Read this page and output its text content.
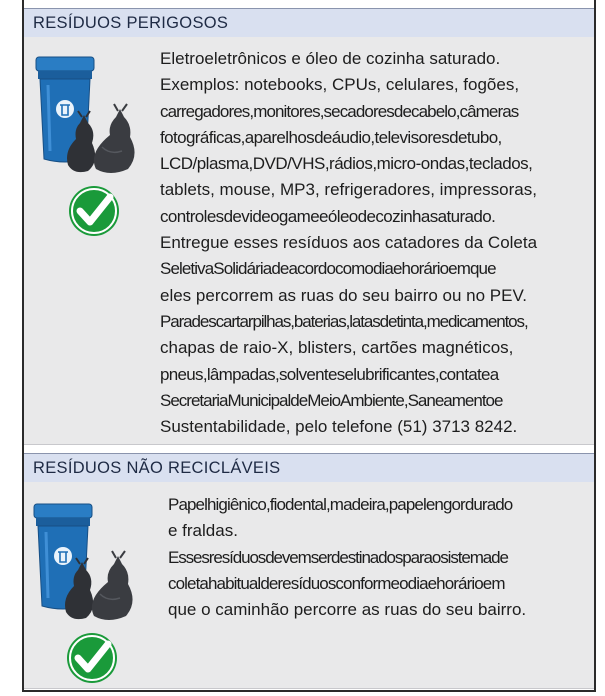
RESÍDUOS PERIGOSOS

Eletroeletrônicos e óleo de cozinha saturado.

Exemplos: notebooks, CPUs, celulares, fogões,

carregadores,monitores,secadoresdecabelo,câmeras

fotográficas,aparelhosdeáudio,televisoresdetubo,

LCD/plasma,DVD/VHS,rádios,micro-ondas,teclados,

tablets, mouse, MP3, refrigeradores, impressoras,

controlesdevideogameeóleodecozinhasaturado.

Entregue esses resíduos aos catadores da Coleta

SeletivaSolidáriadeacordocomodiaehorárioemque

eles percorrem as ruas do seu bairro ou no PEV.

Paradescartarpilhas,baterias,latasdetinta,medicamentos,

chapas de raio-X, blisters, cartões magnéticos,

pneus,lâmpadas,solventeselubrificantes,contatea

SecretariaMunicipaldeMeioAmbiente,Saneamentoe

Sustentabilidade, pelo telefone (51) 3713 8242.

RESÍDUOS NÃO RECICLÁVEIS

Papelhigiênico,fiodental,madeira,papelengordurado

e fraldas.

Essesresíduosdevemserdestinadosparaosistemade

coletahabitualderesíduosconformeodiaehorárioem

que o caminhão percorre as ruas do seu bairro.
